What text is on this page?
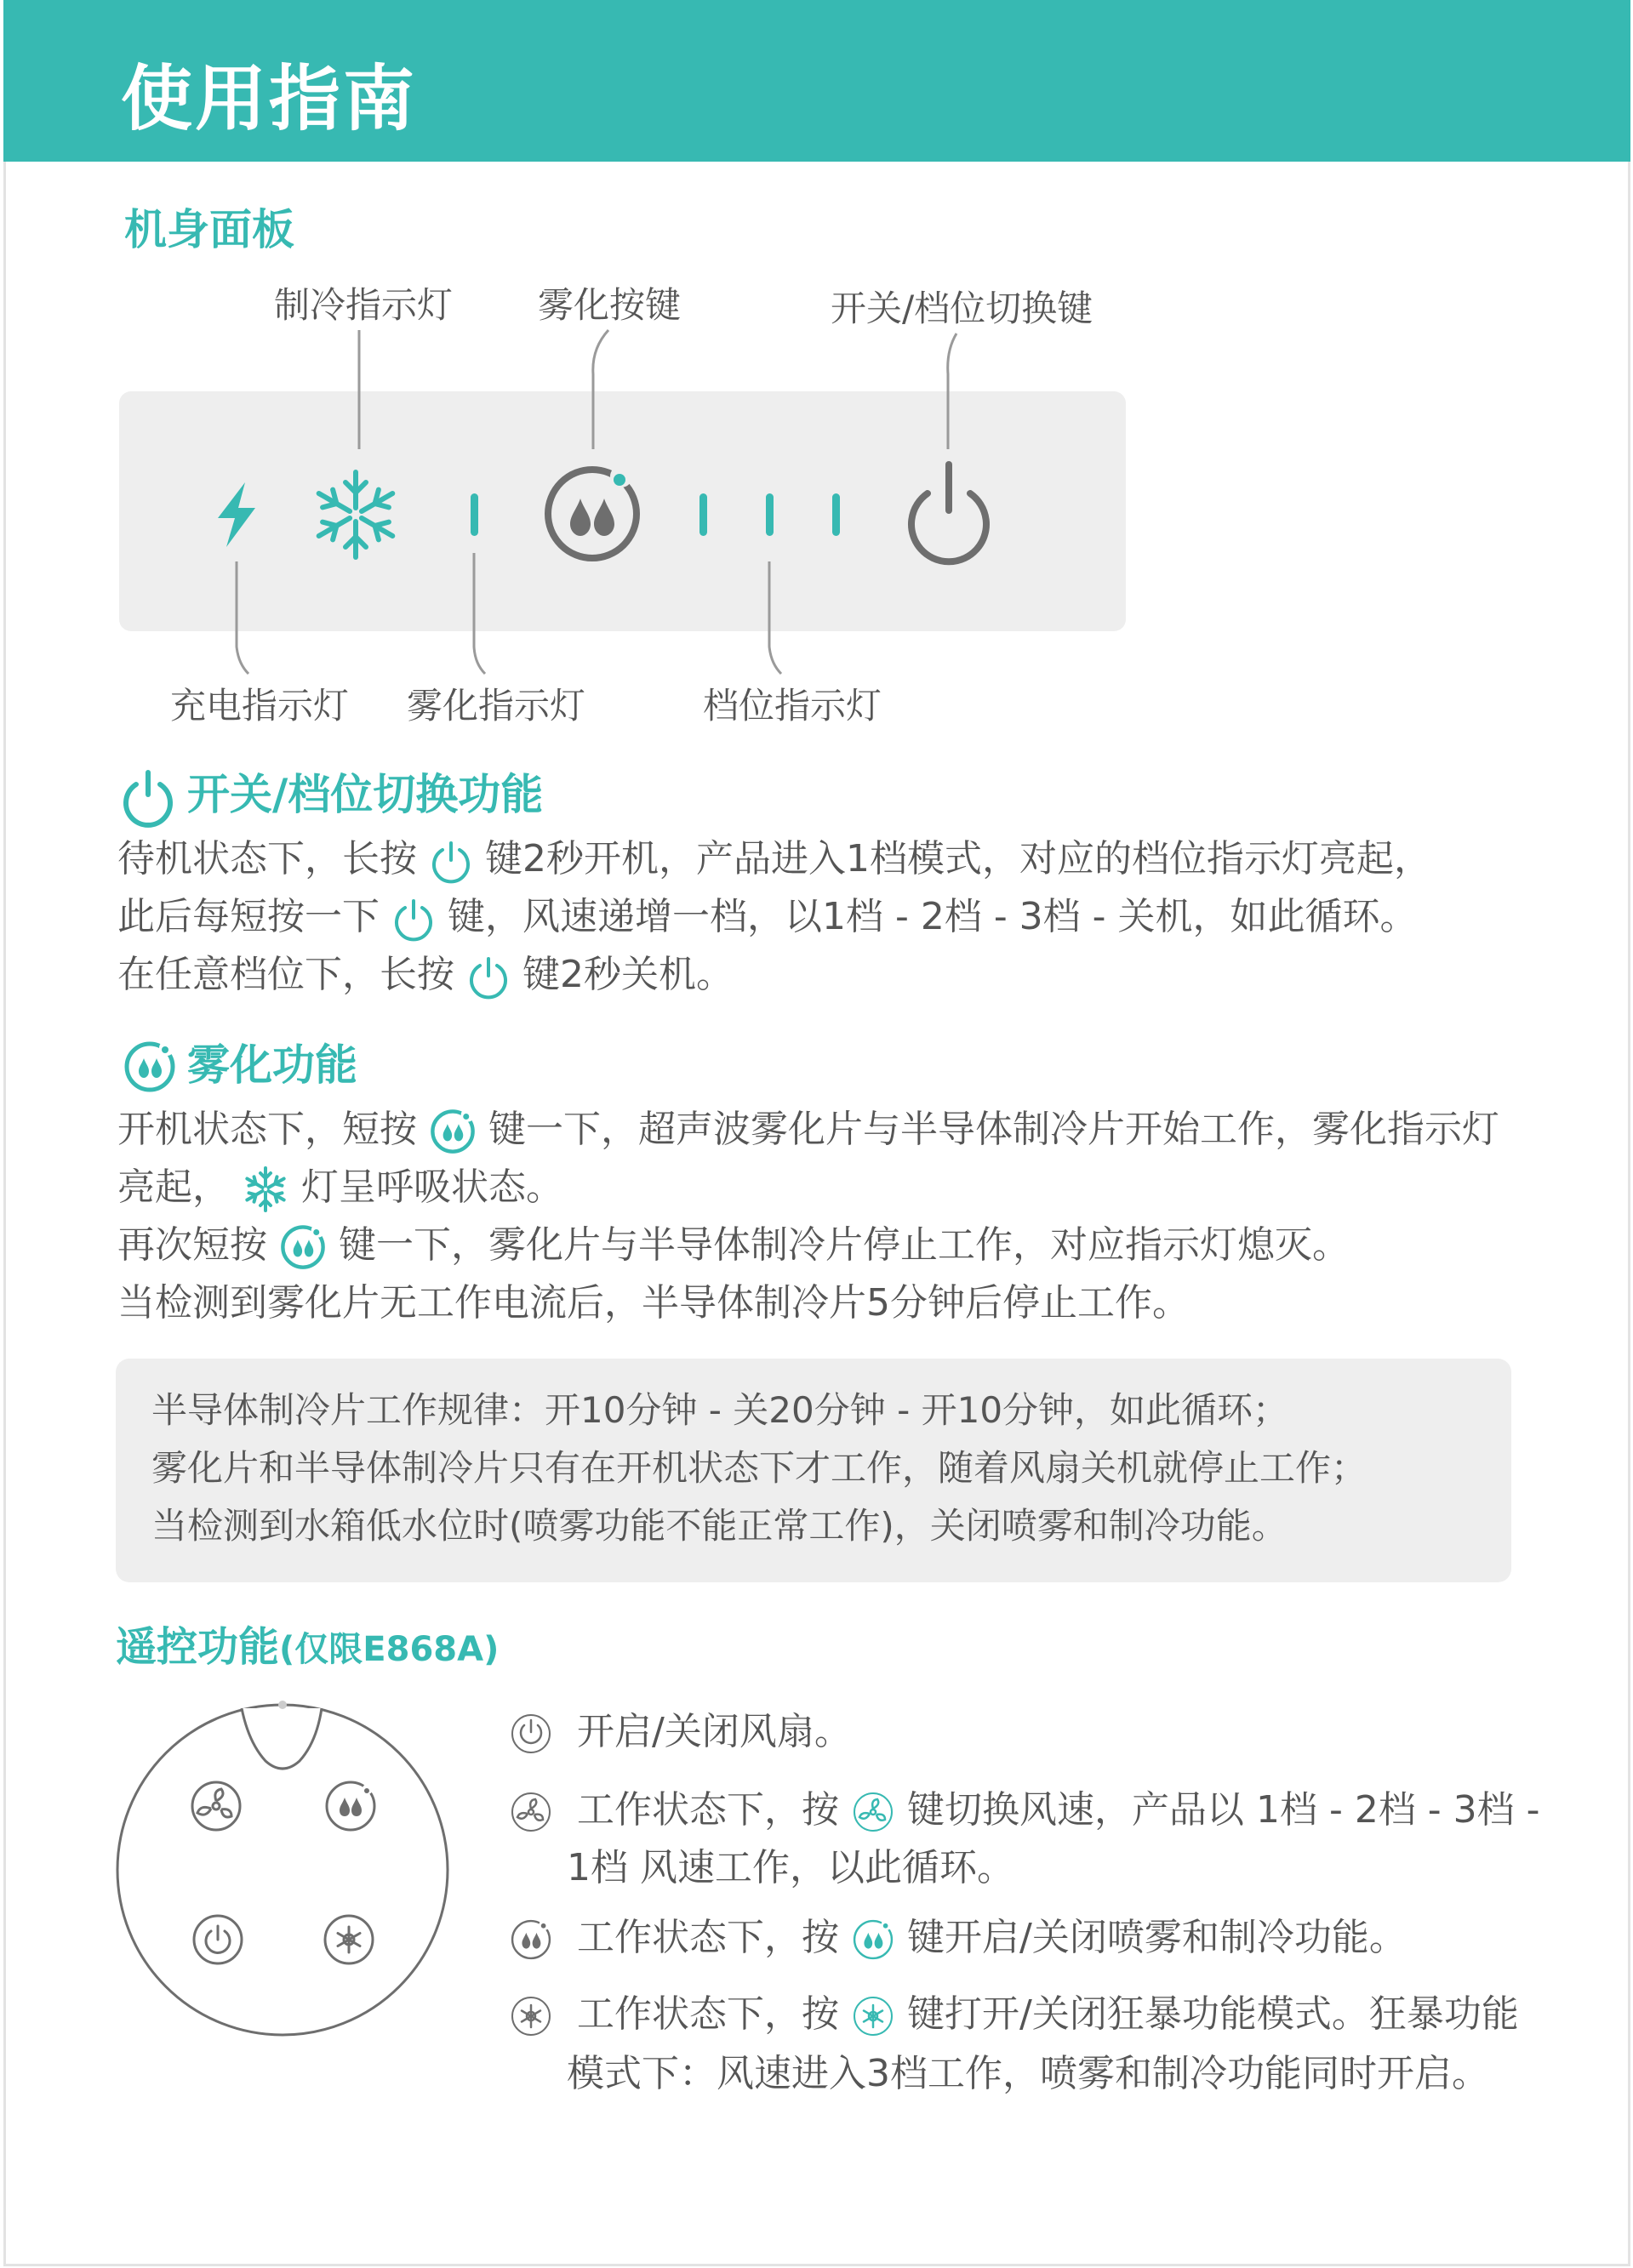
使用指南
机身面板
制冷指示灯 雾化按键	开关/档位切换键
充电指示灯 雾化指示灯	档位指示灯
开关/档位切换功能
待机状态下，长按 键2秒开机，产品进入1档模式，对应的档位指示灯亮起，
此后每短按一下 键，风速递增一档，以1档 - 2档 - 3档 - 关机，如此循环。
在任意档位下，长按 键2秒关机。
雾化功能
开机状态下，短按 键一下，超声波雾化片与半导体制冷片开始工作，雾化指示灯
亮起， 灯呈呼吸状态。
再次短按 键一下，雾化片与半导体制冷片停止工作，对应指示灯熄灭。
当检测到雾化片无工作电流后，半导体制冷片5分钟后停止工作。
半导体制冷片工作规律：开10分钟 - 关20分钟 - 开10分钟，如此循环；
雾化片和半导体制冷片只有在开机状态下才工作，随着风扇关机就停止工作；
当检测到水箱低水位时(喷雾功能不能正常工作)，关闭喷雾和制冷功能。
遥控功能(仅限E868A)
开启/关闭风扇。
工作状态下，按 键切换风速，产品以 1档 - 2档 - 3档 -
1档 风速工作，以此循环。
工作状态下，按 键开启/关闭喷雾和制冷功能。
工作状态下，按 键打开/关闭狂暴功能模式。狂暴功能
模式下：风速进入3档工作，喷雾和制冷功能同时开启。
